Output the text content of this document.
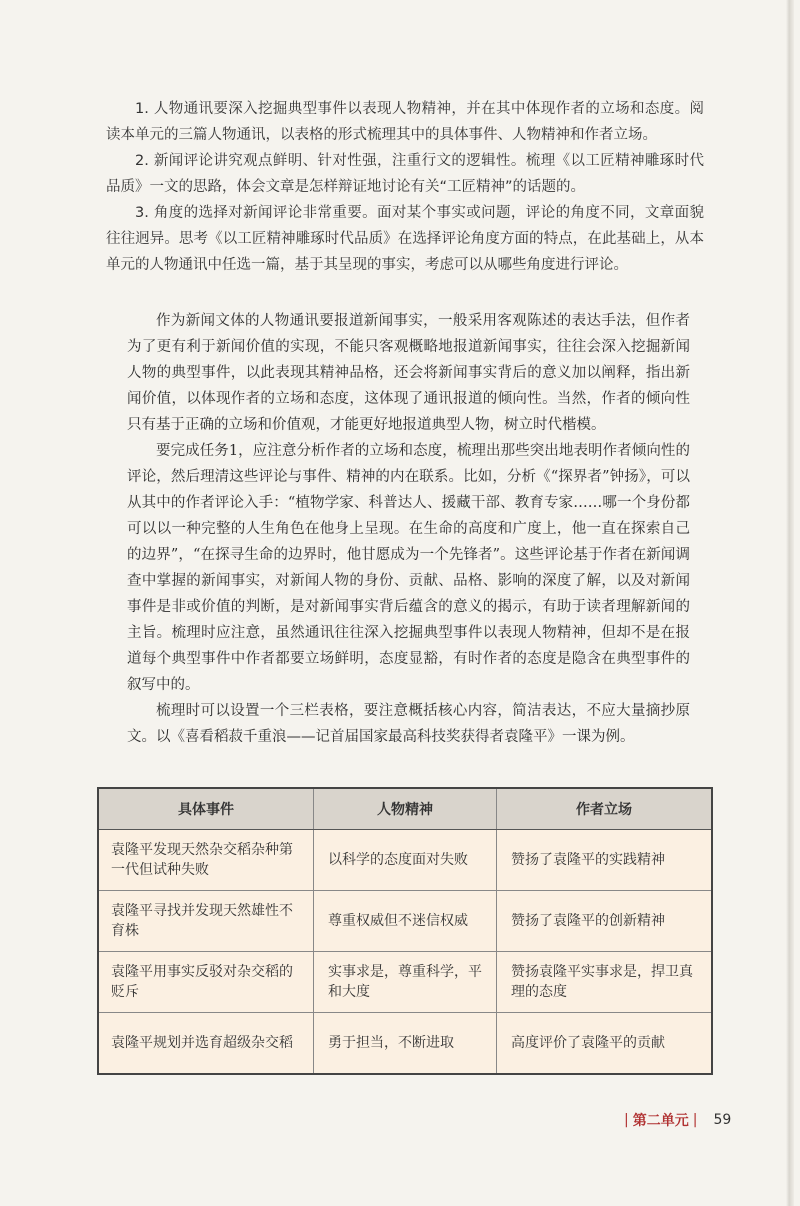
1. 人物通讯要深入挖掘典型事件以表现人物精神，并在其中体现作者的立场和态度。阅读本单元的三篇人物通讯，以表格的形式梳理其中的具体事件、人物精神和作者立场。

2. 新闻评论讲究观点鲜明、针对性强，注重行文的逻辑性。梳理《以工匠精神雕琢时代品质》一文的思路，体会文章是怎样辩证地讨论有关“工匠精神”的话题的。

3. 角度的选择对新闻评论非常重要。面对某个事实或问题，评论的角度不同，文章面貌往往迥异。思考《以工匠精神雕琢时代品质》在选择评论角度方面的特点，在此基础上，从本单元的人物通讯中任选一篇，基于其呈现的事实，考虑可以从哪些角度进行评论。

作为新闻文体的人物通讯要报道新闻事实，一般采用客观陈述的表达手法，但作者为了更有利于新闻价值的实现，不能只客观概略地报道新闻事实，往往会深入挖掘新闻人物的典型事件，以此表现其精神品格，还会将新闻事实背后的意义加以阐释，指出新闻价值，以体现作者的立场和态度，这体现了通讯报道的倾向性。当然，作者的倾向性只有基于正确的立场和价值观，才能更好地报道典型人物，树立时代楷模。

要完成任务1，应注意分析作者的立场和态度，梳理出那些突出地表明作者倾向性的评论，然后理清这些评论与事件、精神的内在联系。比如，分析《“探界者”钟扬》，可以从其中的作者评论入手：“植物学家、科普达人、援藏干部、教育专家……哪一个身份都可以以一种完整的人生角色在他身上呈现。在生命的高度和广度上，他一直在探索自己的边界”，“在探寻生命的边界时，他甘愿成为一个先锋者”。这些评论基于作者在新闻调查中掌握的新闻事实，对新闻人物的身份、贡献、品格、影响的深度了解，以及对新闻事件是非或价值的判断，是对新闻事实背后蕴含的意义的揭示，有助于读者理解新闻的主旨。梳理时应注意，虽然通讯往往深入挖掘典型事件以表现人物精神，但却不是在报道每个典型事件中作者都要立场鲜明，态度显豁，有时作者的态度是隐含在典型事件的叙写中的。

梳理时可以设置一个三栏表格，要注意概括核心内容，简洁表达，不应大量摘抄原文。以《喜看稻菽千重浪——记首届国家最高科技奖获得者袁隆平》一课为例。

具体事件	人物精神	作者立场
袁隆平发现天然杂交稻杂种第一代但试种失败	以科学的态度面对失败	赞扬了袁隆平的实践精神
袁隆平寻找并发现天然雄性不育株	尊重权威但不迷信权威	赞扬了袁隆平的创新精神
袁隆平用事实反驳对杂交稻的贬斥	实事求是，尊重科学，平和大度	赞扬袁隆平实事求是，捍卫真理的态度
袁隆平规划并选育超级杂交稻	勇于担当，不断进取	高度评价了袁隆平的贡献
| 第二单元 | 59
